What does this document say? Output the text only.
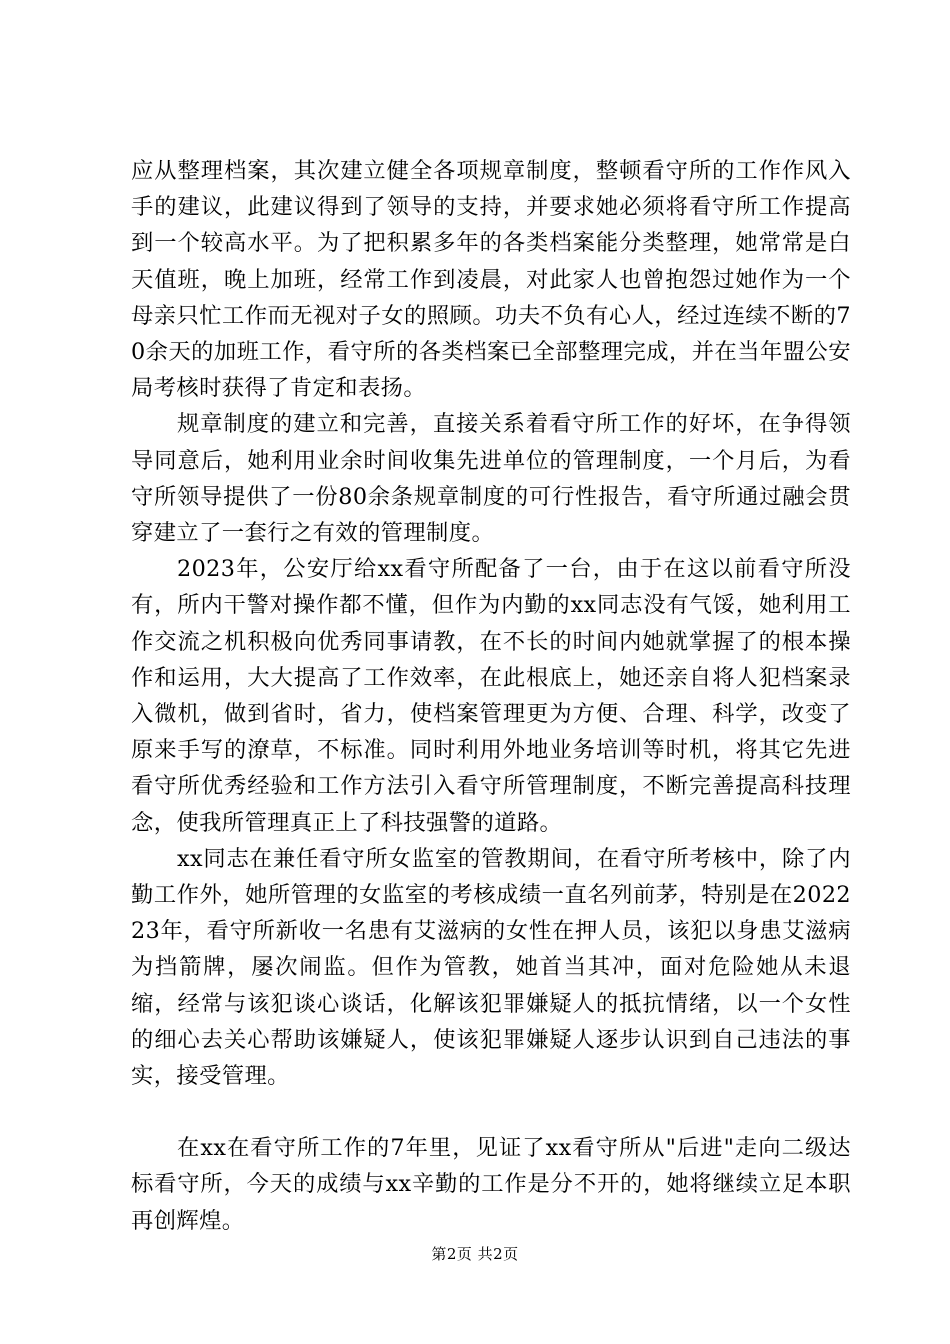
应从整理档案，其次建立健全各项规章制度，整顿看守所的工作作风入手的建议，此建议得到了领导的支持，并要求她必须将看守所工作提高到一个较高水平。为了把积累多年的各类档案能分类整理，她常常是白天值班，晚上加班，经常工作到凌晨，对此家人也曾抱怨过她作为一个母亲只忙工作而无视对子女的照顾。功夫不负有心人，经过连续不断的70余天的加班工作，看守所的各类档案已全部整理完成，并在当年盟公安局考核时获得了肯定和表扬。

规章制度的建立和完善，直接关系着看守所工作的好坏，在争得领导同意后，她利用业余时间收集先进单位的管理制度，一个月后，为看守所领导提供了一份80余条规章制度的可行性报告，看守所通过融会贯穿建立了一套行之有效的管理制度。

2023年，公安厅给xx看守所配备了一台，由于在这以前看守所没有，所内干警对操作都不懂，但作为内勤的xx同志没有气馁，她利用工作交流之机积极向优秀同事请教，在不长的时间内她就掌握了的根本操作和运用，大大提高了工作效率，在此根底上，她还亲自将人犯档案录入微机，做到省时，省力，使档案管理更为方便、合理、科学，改变了原来手写的潦草，不标准。同时利用外地业务培训等时机，将其它先进看守所优秀经验和工作方法引入看守所管理制度，不断完善提高科技理念，使我所管理真正上了科技强警的道路。

xx同志在兼任看守所女监室的管教期间，在看守所考核中，除了内勤工作外，她所管理的女监室的考核成绩一直名列前茅，特别是在202223年，看守所新收一名患有艾滋病的女性在押人员，该犯以身患艾滋病为挡箭牌，屡次闹监。但作为管教，她首当其冲，面对危险她从未退缩，经常与该犯谈心谈话，化解该犯罪嫌疑人的抵抗情绪，以一个女性的细心去关心帮助该嫌疑人，使该犯罪嫌疑人逐步认识到自己违法的事实，接受管理。

在xx在看守所工作的7年里，见证了xx看守所从"后进"走向二级达标看守所，今天的成绩与xx辛勤的工作是分不开的，她将继续立足本职再创辉煌。

第2页 共2页
